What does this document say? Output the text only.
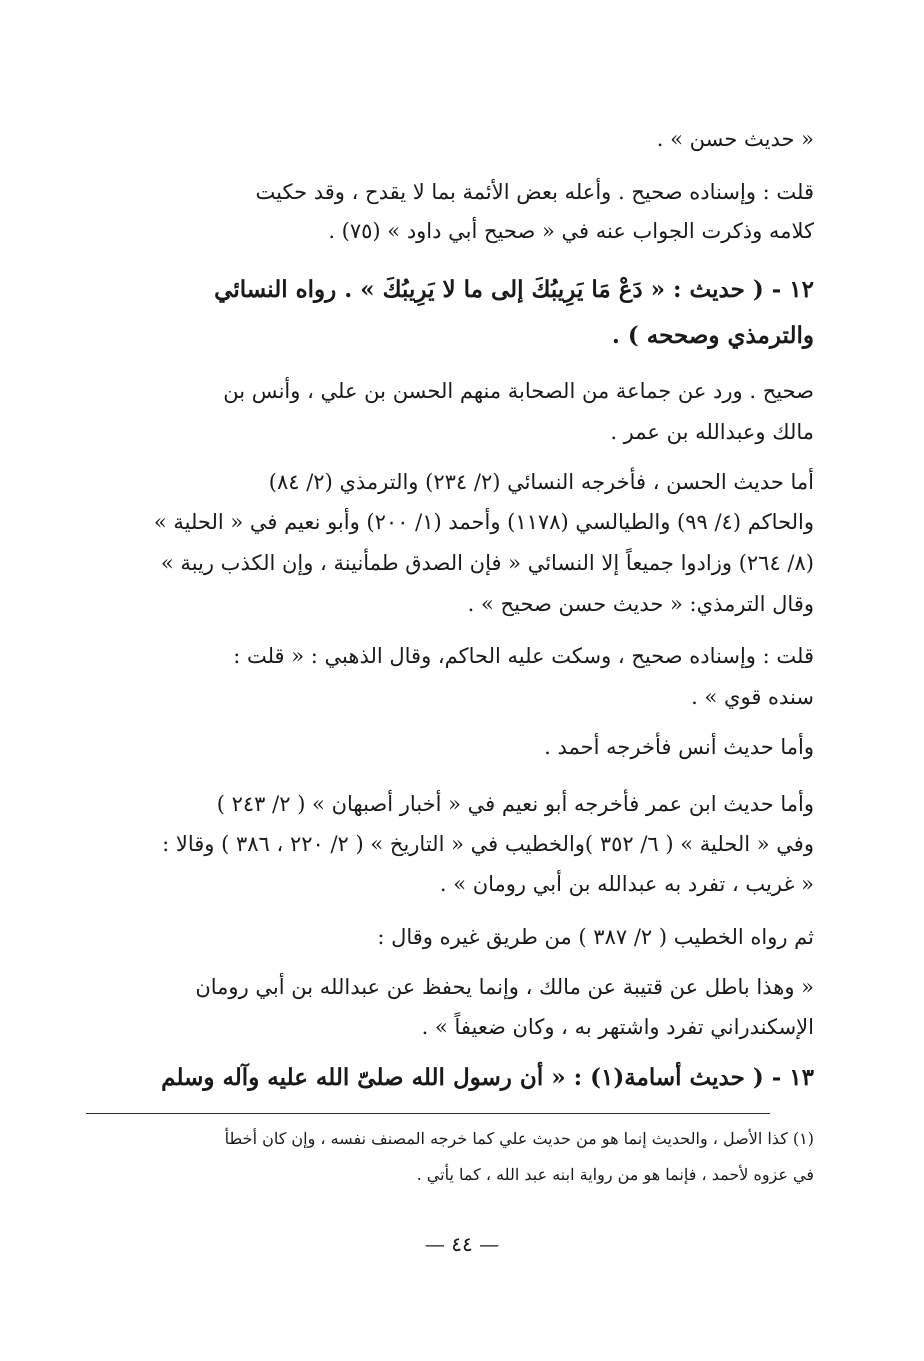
« حديث حسن » .
قلت : وإسناده صحيح . وأعله بعض الأئمة بما لا يقدح ، وقد حكيت
كلامه وذكرت الجواب عنه في « صحيح أبي داود » (٧٥) .
١٢ - ( حديث : « دَعْ مَا يَرِيبُكَ إلى ما لا يَرِيبُكَ » . رواه النسائي
والترمذي وصححه ) .
صحيح . ورد عن جماعة من الصحابة منهم الحسن بن علي ، وأنس بن
مالك وعبدالله بن عمر .
أما حديث الحسن ، فأخرجه النسائي (٢/ ٢٣٤) والترمذي (٢/ ٨٤)
والحاكم (٤/ ٩٩) والطيالسي (١١٧٨) وأحمد (١/ ٢٠٠) وأبو نعيم في « الحلية »
(٨/ ٢٦٤) وزادوا جميعاً إلا النسائي « فإن الصدق طمأنينة ، وإن الكذب ريبة »
وقال الترمذي: « حديث حسن صحيح » .
قلت : وإسناده صحيح ، وسكت عليه الحاكم، وقال الذهبي : « قلت :
سنده قوي » .
وأما حديث أنس فأخرجه أحمد .
وأما حديث ابن عمر فأخرجه أبو نعيم في « أخبار أصبهان » ( ٢/ ٢٤٣ )
وفي « الحلية » ( ٦/ ٣٥٢ )والخطيب في « التاريخ » ( ٢/ ٢٢٠ ، ٣٨٦ ) وقالا :
« غريب ، تفرد به عبدالله بن أبي رومان » .
ثم رواه الخطيب ( ٢/ ٣٨٧ ) من طريق غيره وقال :
« وهذا باطل عن قتيبة عن مالك ، وإنما يحفظ عن عبدالله بن أبي رومان
الإسكندراني تفرد واشتهر به ، وكان ضعيفاً » .
١٣ - ( حديث أسامة(١) : « أن رسول الله صلىّ الله عليه وآله وسلم
(١) كذا الأصل ، والحديث إنما هو من حديث علي كما خرجه المصنف نفسه ، وإن كان أخطأ
في عزوه لأحمد ، فإنما هو من رواية ابنه عبد الله ، كما يأتي .
— ٤٤ —
